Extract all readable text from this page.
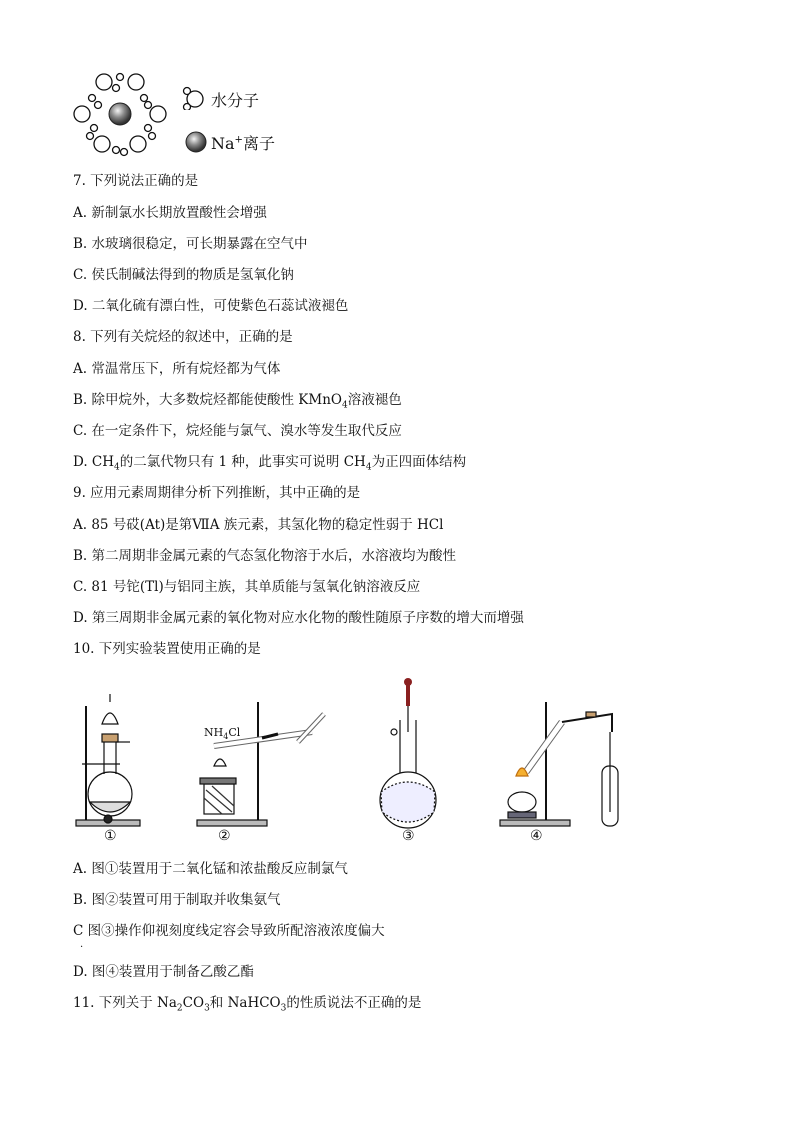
水分子
Na+离子
7. 下列说法正确的是
A. 新制氯水长期放置酸性会增强
B. 水玻璃很稳定，可长期暴露在空气中
C. 侯氏制碱法得到的物质是氢氧化钠
D. 二氧化硫有漂白性，可使紫色石蕊试液褪色
8. 下列有关烷烃的叙述中，正确的是
A. 常温常压下，所有烷烃都为气体
B. 除甲烷外，大多数烷烃都能使酸性 KMnO$_4$溶液褪色
C. 在一定条件下，烷烃能与氯气、溴水等发生取代反应
D. $CH_4$的二氯代物只有 1 种，此事实可说明 $CH_4$为正四面体结构
9. 应用元素周期律分析下列推断，其中正确的是
A. 85 号砹(At)是第ⅦA 族元素，其氢化物的稳定性弱于 HCl
B. 第二周期非金属元素的气态氢化物溶于水后，水溶液均为酸性
C. 81 号铊(Tl)与铝同主族，其单质能与氢氧化钠溶液反应
D. 第三周期非金属元素的氧化物对应水化物的酸性随原子序数的增大而增强
10. 下列实验装置使用正确的是
$NH_4Cl$
①	②	③	④
A. 图①装置用于二氧化锰和浓盐酸反应制氯气
B. 图②装置可用于制取并收集氨气
C 图③操作仰视刻度线定容会导致所配溶液浓度偏大
.
D. 图④装置用于制备乙酸乙酯
11. 下列关于 $Na_2CO_3$和 NaHCO$_3$的性质说法不正确的是
